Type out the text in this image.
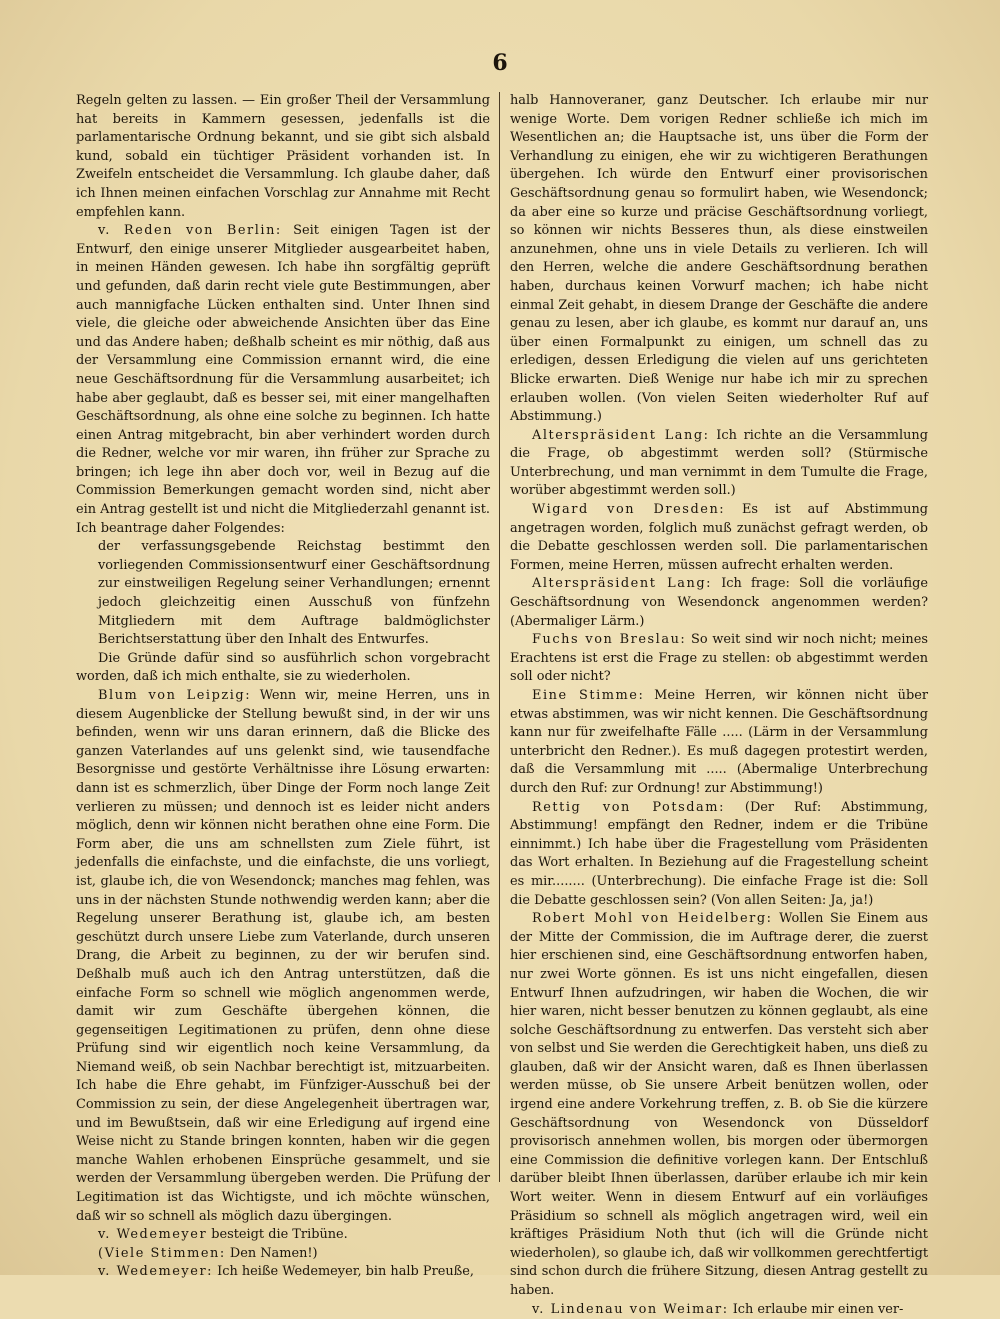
6

Regeln gelten zu lassen. — Ein großer Theil der Versammlung hat bereits in Kammern gesessen, jedenfalls ist die parlamentarische Ordnung bekannt, und sie gibt sich alsbald kund, sobald ein tüchtiger Präsident vorhanden ist. In Zweifeln entscheidet die Versammlung. Ich glaube daher, daß ich Ihnen meinen einfachen Vorschlag zur Annahme mit Recht empfehlen kann.

v. Reden von Berlin: Seit einigen Tagen ist der Entwurf, den einige unserer Mitglieder ausgearbeitet haben, in meinen Händen gewesen. Ich habe ihn sorgfältig geprüft und gefunden, daß darin recht viele gute Bestimmungen, aber auch mannigfache Lücken enthalten sind. Unter Ihnen sind viele, die gleiche oder abweichende Ansichten über das Eine und das Andere haben; deßhalb scheint es mir nöthig, daß aus der Versammlung eine Commission ernannt wird, die eine neue Geschäftsordnung für die Versammlung ausarbeitet; ich habe aber geglaubt, daß es besser sei, mit einer mangelhaften Geschäftsordnung, als ohne eine solche zu beginnen. Ich hatte einen Antrag mitgebracht, bin aber verhindert worden durch die Redner, welche vor mir waren, ihn früher zur Sprache zu bringen; ich lege ihn aber doch vor, weil in Bezug auf die Commission Bemerkungen gemacht worden sind, nicht aber ein Antrag gestellt ist und nicht die Mitgliederzahl genannt ist. Ich beantrage daher Folgendes:

der verfassungsgebende Reichstag bestimmt den vorliegenden Commissionsentwurf einer Geschäftsordnung zur einstweiligen Regelung seiner Verhandlungen; ernennt jedoch gleichzeitig einen Ausschuß von fünfzehn Mitgliedern mit dem Auftrage baldmöglichster Berichtserstattung über den Inhalt des Entwurfes.

Die Gründe dafür sind so ausführlich schon vorgebracht worden, daß ich mich enthalte, sie zu wiederholen.

Blum von Leipzig: Wenn wir, meine Herren, uns in diesem Augenblicke der Stellung bewußt sind, in der wir uns befinden, wenn wir uns daran erinnern, daß die Blicke des ganzen Vaterlandes auf uns gelenkt sind, wie tausendfache Besorgnisse und gestörte Verhältnisse ihre Lösung erwarten: dann ist es schmerzlich, über Dinge der Form noch lange Zeit verlieren zu müssen; und dennoch ist es leider nicht anders möglich, denn wir können nicht berathen ohne eine Form. Die Form aber, die uns am schnellsten zum Ziele führt, ist jedenfalls die einfachste, und die einfachste, die uns vorliegt, ist, glaube ich, die von Wesendonck; manches mag fehlen, was uns in der nächsten Stunde nothwendig werden kann; aber die Regelung unserer Berathung ist, glaube ich, am besten geschützt durch unsere Liebe zum Vaterlande, durch unseren Drang, die Arbeit zu beginnen, zu der wir berufen sind. Deßhalb muß auch ich den Antrag unterstützen, daß die einfache Form so schnell wie möglich angenommen werde, damit wir zum Geschäfte übergehen können, die gegenseitigen Legitimationen zu prüfen, denn ohne diese Prüfung sind wir eigentlich noch keine Versammlung, da Niemand weiß, ob sein Nachbar berechtigt ist, mitzuarbeiten. Ich habe die Ehre gehabt, im Fünfziger-Ausschuß bei der Commission zu sein, der diese Angelegenheit übertragen war, und im Bewußtsein, daß wir eine Erledigung auf irgend eine Weise nicht zu Stande bringen konnten, haben wir die gegen manche Wahlen erhobenen Einsprüche gesammelt, und sie werden der Versammlung übergeben werden. Die Prüfung der Legitimation ist das Wichtigste, und ich möchte wünschen, daß wir so schnell als möglich dazu übergingen.

v. Wedemeyer besteigt die Tribüne.

(Viele Stimmen: Den Namen!)

v. Wedemeyer: Ich heiße Wedemeyer, bin halb Preuße,

halb Hannoveraner, ganz Deutscher. Ich erlaube mir nur wenige Worte. Dem vorigen Redner schließe ich mich im Wesentlichen an; die Hauptsache ist, uns über die Form der Verhandlung zu einigen, ehe wir zu wichtigeren Berathungen übergehen. Ich würde den Entwurf einer provisorischen Geschäftsordnung genau so formulirt haben, wie Wesendonck; da aber eine so kurze und präcise Geschäftsordnung vorliegt, so können wir nichts Besseres thun, als diese einstweilen anzunehmen, ohne uns in viele Details zu verlieren. Ich will den Herren, welche die andere Geschäftsordnung berathen haben, durchaus keinen Vorwurf machen; ich habe nicht einmal Zeit gehabt, in diesem Drange der Geschäfte die andere genau zu lesen, aber ich glaube, es kommt nur darauf an, uns über einen Formalpunkt zu einigen, um schnell das zu erledigen, dessen Erledigung die vielen auf uns gerichteten Blicke erwarten. Dieß Wenige nur habe ich mir zu sprechen erlauben wollen. (Von vielen Seiten wiederholter Ruf auf Abstimmung.)

Alterspräsident Lang: Ich richte an die Versammlung die Frage, ob abgestimmt werden soll? (Stürmische Unterbrechung, und man vernimmt in dem Tumulte die Frage, worüber abgestimmt werden soll.)

Wigard von Dresden: Es ist auf Abstimmung angetragen worden, folglich muß zunächst gefragt werden, ob die Debatte geschlossen werden soll. Die parlamentarischen Formen, meine Herren, müssen aufrecht erhalten werden.

Alterspräsident Lang: Ich frage: Soll die vorläufige Geschäftsordnung von Wesendonck angenommen werden? (Abermaliger Lärm.)

Fuchs von Breslau: So weit sind wir noch nicht; meines Erachtens ist erst die Frage zu stellen: ob abgestimmt werden soll oder nicht?

Eine Stimme: Meine Herren, wir können nicht über etwas abstimmen, was wir nicht kennen. Die Geschäftsordnung kann nur für zweifelhafte Fälle ..... (Lärm in der Versammlung unterbricht den Redner.). Es muß dagegen protestirt werden, daß die Versammlung mit ..... (Abermalige Unterbrechung durch den Ruf: zur Ordnung! zur Abstimmung!)

Rettig von Potsdam: (Der Ruf: Abstimmung, Abstimmung! empfängt den Redner, indem er die Tribüne einnimmt.) Ich habe über die Fragestellung vom Präsidenten das Wort erhalten. In Beziehung auf die Fragestellung scheint es mir........ (Unterbrechung). Die einfache Frage ist die: Soll die Debatte geschlossen sein? (Von allen Seiten: Ja, ja!)

Robert Mohl von Heidelberg: Wollen Sie Einem aus der Mitte der Commission, die im Auftrage derer, die zuerst hier erschienen sind, eine Geschäftsordnung entworfen haben, nur zwei Worte gönnen. Es ist uns nicht eingefallen, diesen Entwurf Ihnen aufzudringen, wir haben die Wochen, die wir hier waren, nicht besser benutzen zu können geglaubt, als eine solche Geschäftsordnung zu entwerfen. Das versteht sich aber von selbst und Sie werden die Gerechtigkeit haben, uns dieß zu glauben, daß wir der Ansicht waren, daß es Ihnen überlassen werden müsse, ob Sie unsere Arbeit benützen wollen, oder irgend eine andere Vorkehrung treffen, z. B. ob Sie die kürzere Geschäftsordnung von Wesendonck von Düsseldorf provisorisch annehmen wollen, bis morgen oder übermorgen eine Commission die definitive vorlegen kann. Der Entschluß darüber bleibt Ihnen überlassen, darüber erlaube ich mir kein Wort weiter. Wenn in diesem Entwurf auf ein vorläufiges Präsidium so schnell als möglich angetragen wird, weil ein kräftiges Präsidium Noth thut (ich will die Gründe nicht wiederholen), so glaube ich, daß wir vollkommen gerechtfertigt sind schon durch die frühere Sitzung, diesen Antrag gestellt zu haben.

v. Lindenau von Weimar: Ich erlaube mir einen ver-
